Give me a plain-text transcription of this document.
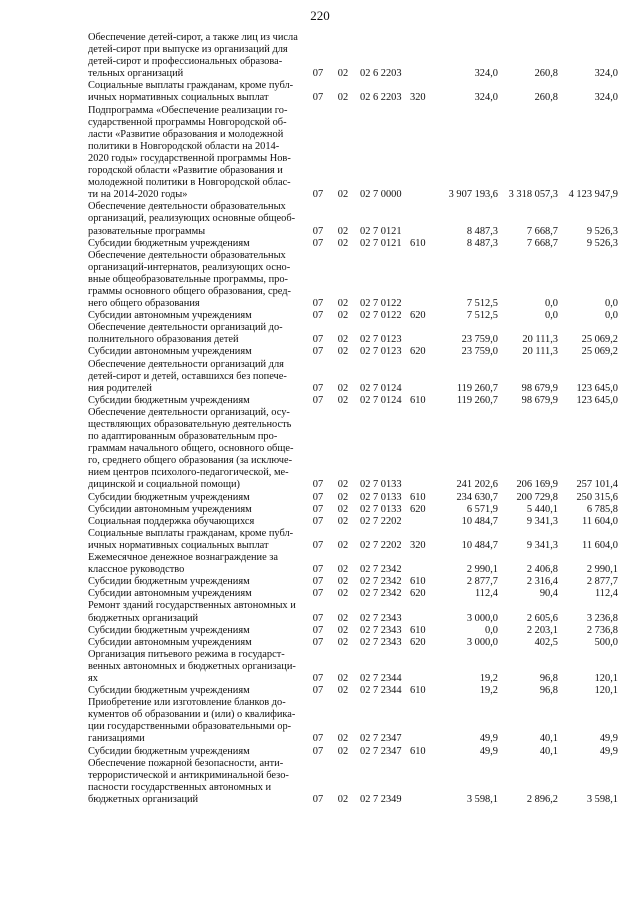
220
Обеспечение детей-сирот, а также лиц из числа
детей-сирот при выпуске из организаций для
детей-сирот и профессиональных образова-
тельных организаций	07	02	02 6 2203	324,0	260,8	324,0
Социальные выплаты гражданам, кроме публ-
ичных нормативных социальных выплат	07	02	02 6 2203 320	324,0	260,8	324,0
Подпрограмма «Обеспечение реализации го-
сударственной программы Новгородской об-
ласти «Развитие образования и молодежной
политики в Новгородской области на 2014-
2020 годы» государственной программы Нов-
городской области «Развитие образования и
молодежной политики в Новгородской облас-
ти на 2014-2020 годы»	07	02	02 7 0000	3 907 193,6	3 318 057,3	4 123 947,9
Обеспечение деятельности образовательных
организаций, реализующих основные общеоб-
разовательные программы	07	02	02 7 0121	8 487,3	7 668,7	9 526,3
Субсидии бюджетным учреждениям	07	02	02 7 0121 610	8 487,3	7 668,7	9 526,3
Обеспечение деятельности образовательных
организаций-интернатов, реализующих осно-
вные общеобразовательные программы, про-
граммы основного общего образования, сред-
него общего образования	07	02	02 7 0122	7 512,5	0,0	0,0
Субсидии автономным учреждениям	07	02	02 7 0122 620	7 512,5	0,0	0,0
Обеспечение деятельности организаций до-
полнительного образования детей	07	02	02 7 0123	23 759,0	20 111,3	25 069,2
Субсидии автономным учреждениям	07	02	02 7 0123 620	23 759,0	20 111,3	25 069,2
Обеспечение деятельности организаций для
детей-сирот и детей, оставшихся без попече-
ния родителей	07	02	02 7 0124	119 260,7	98 679,9	123 645,0
Субсидии бюджетным учреждениям	07	02	02 7 0124 610	119 260,7	98 679,9	123 645,0
Обеспечение деятельности организаций, осу-
ществляющих образовательную деятельность
по адаптированным образовательным про-
граммам начального общего, основного обще-
го, среднего общего образования (за исключе-
нием центров психолого-педагогической, ме-
дицинской и социальной помощи)	07	02	02 7 0133	241 202,6	206 169,9	257 101,4
Субсидии бюджетным учреждениям	07	02	02 7 0133 610	234 630,7	200 729,8	250 315,6
Субсидии автономным учреждениям	07	02	02 7 0133 620	6 571,9	5 440,1	6 785,8
Социальная поддержка обучающихся	07	02	02 7 2202	10 484,7	9 341,3	11 604,0
Социальные выплаты гражданам, кроме публ-
ичных нормативных социальных выплат	07	02	02 7 2202 320	10 484,7	9 341,3	11 604,0
Ежемесячное денежное вознаграждение за
классное руководство	07	02	02 7 2342	2 990,1	2 406,8	2 990,1
Субсидии бюджетным учреждениям	07	02	02 7 2342 610	2 877,7	2 316,4	2 877,7
Субсидии автономным учреждениям	07	02	02 7 2342 620	112,4	90,4	112,4
Ремонт зданий государственных автономных и
бюджетных организаций	07	02	02 7 2343	3 000,0	2 605,6	3 236,8
Субсидии бюджетным учреждениям	07	02	02 7 2343 610	0,0	2 203,1	2 736,8
Субсидии автономным учреждениям	07	02	02 7 2343 620	3 000,0	402,5	500,0
Организация питьевого режима в государст-
венных автономных и бюджетных организаци-
ях	07	02	02 7 2344	19,2	96,8	120,1
Субсидии бюджетным учреждениям	07	02	02 7 2344 610	19,2	96,8	120,1
Приобретение или изготовление бланков до-
кументов об образовании и (или) о квалифика-
ции государственными образовательными ор-
ганизациями	07	02	02 7 2347	49,9	40,1	49,9
Субсидии бюджетным учреждениям	07	02	02 7 2347 610	49,9	40,1	49,9
Обеспечение пожарной безопасности, анти-
террористической и антикриминальной безо-
пасности государственных автономных и
бюджетных организаций	07	02	02 7 2349	3 598,1	2 896,2	3 598,1
